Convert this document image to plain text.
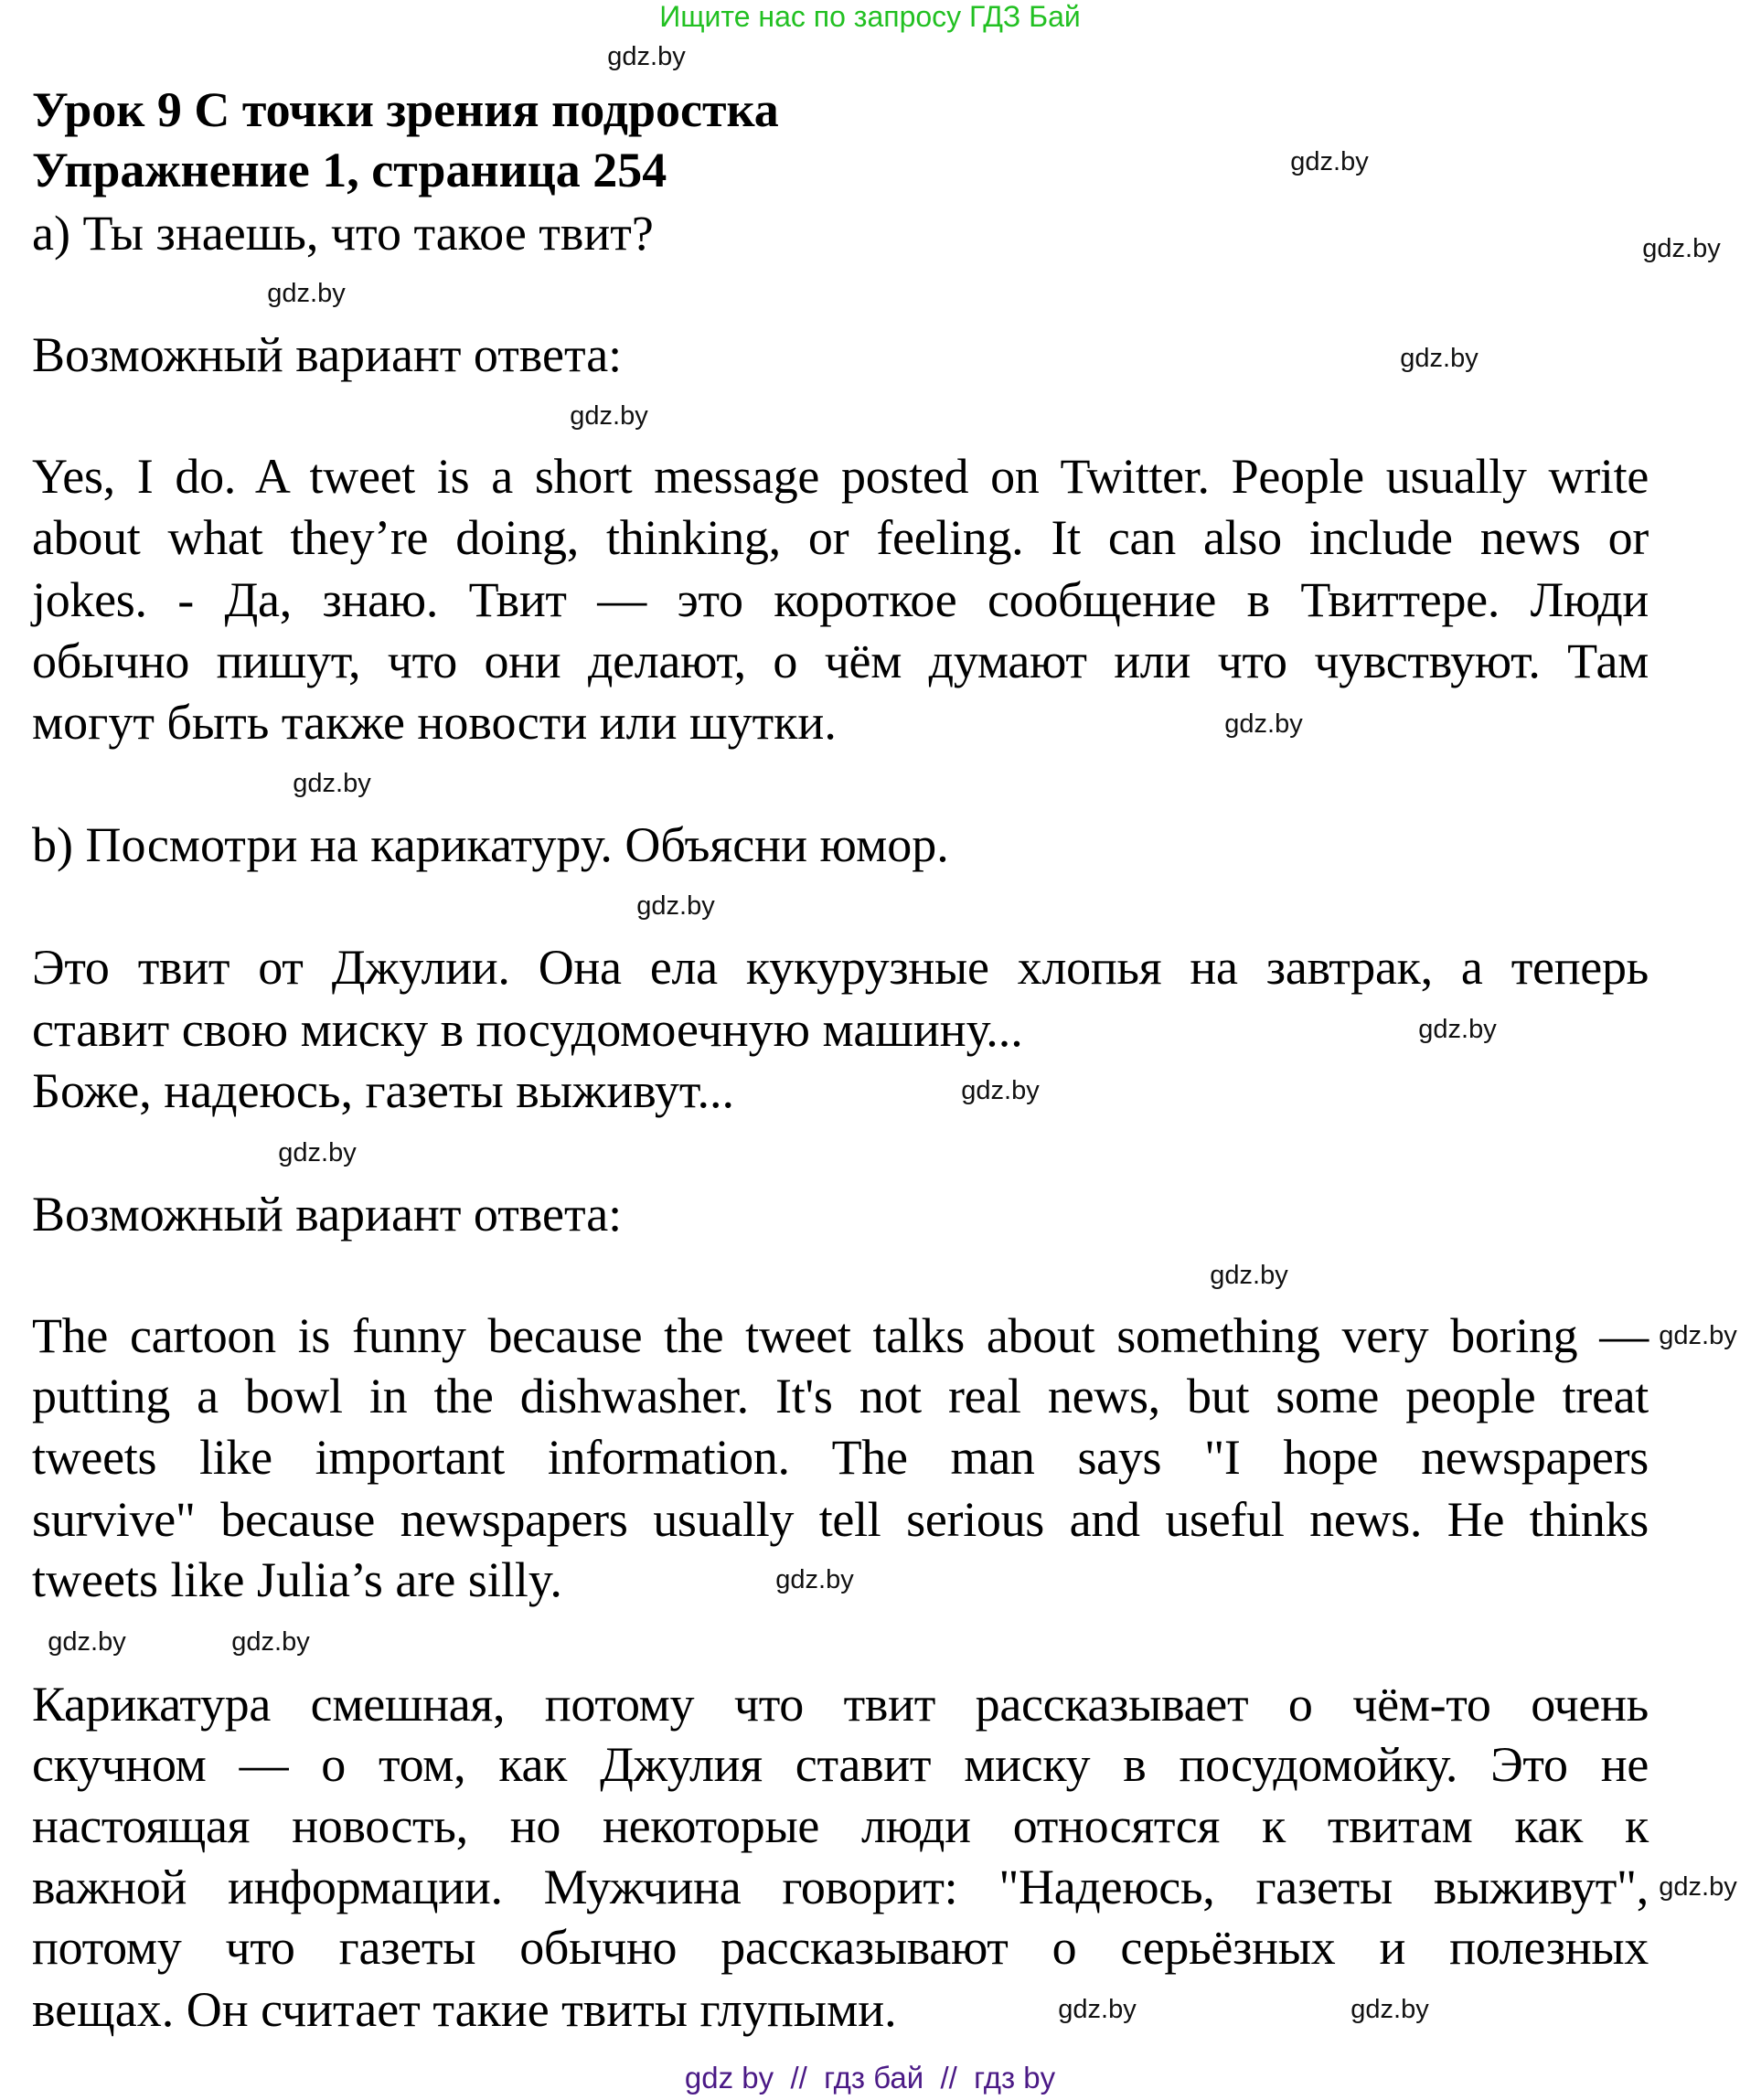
Ищите нас по запросу ГДЗ Бай
Урок 9 С точки зрения подростка
Упражнение 1, страница 254
a) Ты знаешь, что такое твит?
Возможный вариант ответа:
Yes, I do. A tweet is a short message posted on Twitter. People usually write
about what they’re doing, thinking, or feeling. It can also include news or
jokes. - Да, знаю. Твит — это короткое сообщение в Твиттере. Люди
обычно пишут, что они делают, о чём думают или что чувствуют. Там
могут быть также новости или шутки.
b) Посмотри на карикатуру. Объясни юмор.
Это твит от Джулии. Она ела кукурузные хлопья на завтрак, а теперь
ставит свою миску в посудомоечную машину...
Боже, надеюсь, газеты выживут...
Возможный вариант ответа:
The cartoon is funny because the tweet talks about something very boring —
putting a bowl in the dishwasher. It's not real news, but some people treat
tweets like important information. The man says "I hope newspapers
survive" because newspapers usually tell serious and useful news. He thinks
tweets like Julia’s are silly.
Карикатура смешная, потому что твит рассказывает о чём-то очень
скучном — о том, как Джулия ставит миску в посудомойку. Это не
настоящая новость, но некоторые люди относятся к твитам как к
важной информации. Мужчина говорит: "Надеюсь, газеты выживут",
потому что газеты обычно рассказывают о серьёзных и полезных
вещах. Он считает такие твиты глупыми.
gdz.by
gdz.by
gdz.by
gdz.by
gdz.by
gdz.by
gdz.by
gdz.by
gdz.by
gdz.by
gdz.by
gdz.by
gdz.by
gdz.by
gdz.by
gdz.by	gdz.by
gdz.by
gdz.by
gdz.by
gdz by  //  гдз бай  //  гдз by
